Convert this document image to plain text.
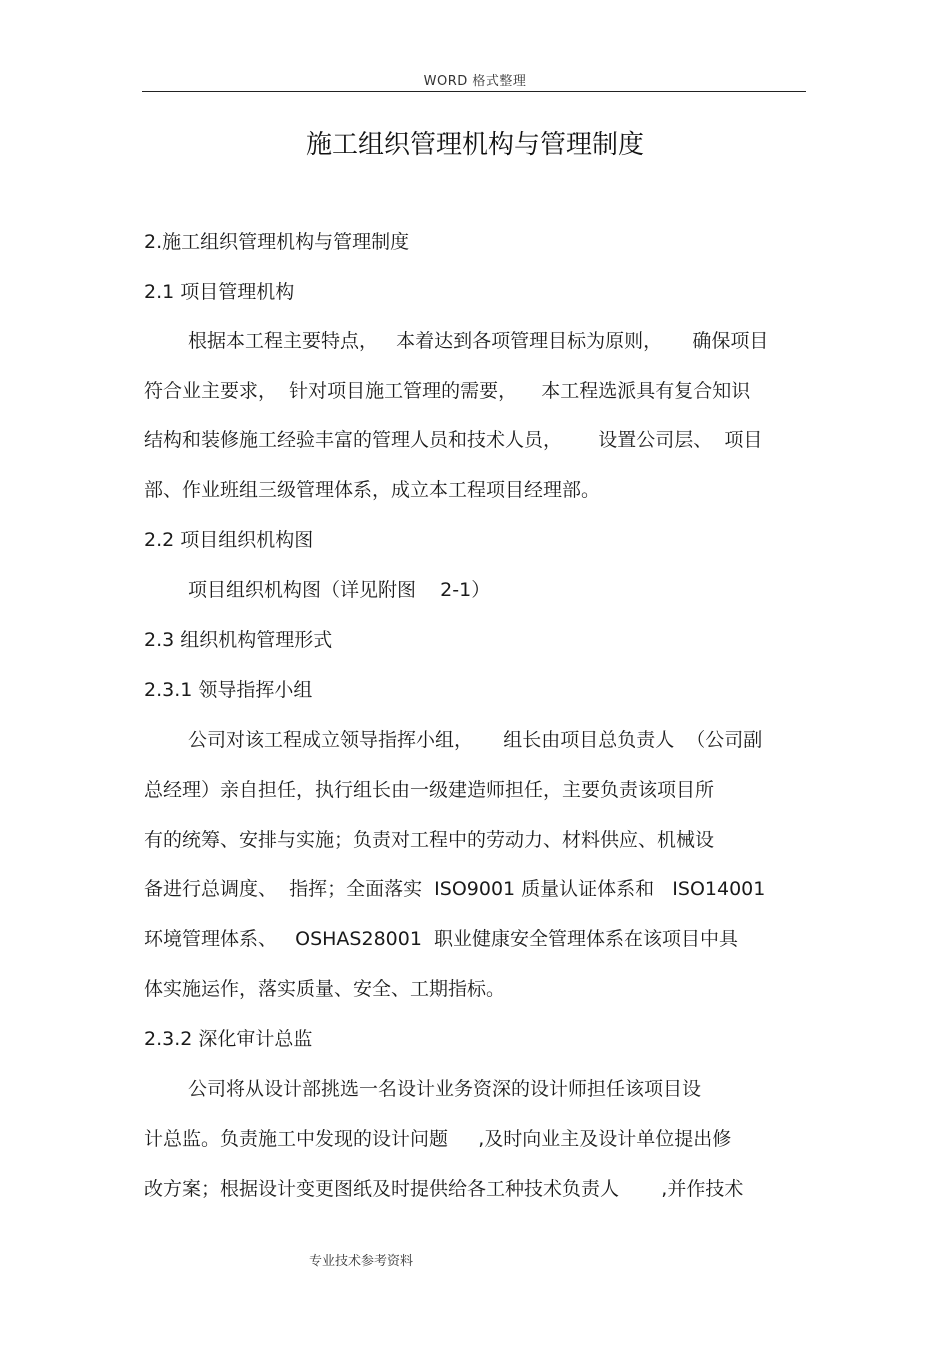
WORD 格式整理
施工组织管理机构与管理制度
2.施工组织管理机构与管理制度
2.1 项目管理机构
根据本工程主要特点，   本着达到各项管理目标为原则，     确保项目
符合业主要求，  针对项目施工管理的需要，    本工程选派具有复合知识
结构和装修施工经验丰富的管理人员和技术人员，      设置公司层、  项目
部、作业班组三级管理体系，成立本工程项目经理部。
2.2 项目组织机构图
项目组织机构图（详见附图    2-1）
2.3 组织机构管理形式
2.3.1 领导指挥小组
公司对该工程成立领导指挥小组，     组长由项目总负责人  （公司副
总经理）亲自担任，执行组长由一级建造师担任，主要负责该项目所
有的统筹、安排与实施；负责对工程中的劳动力、材料供应、机械设
备进行总调度、  指挥；全面落实  ISO9001 质量认证体系和   ISO14001
环境管理体系、   OSHAS28001  职业健康安全管理体系在该项目中具
体实施运作，落实质量、安全、工期指标。
2.3.2 深化审计总监
公司将从设计部挑选一名设计业务资深的设计师担任该项目设
计总监。负责施工中发现的设计问题     ,及时向业主及设计单位提出修
改方案；根据设计变更图纸及时提供给各工种技术负责人       ,并作技术
专业技术参考资料
